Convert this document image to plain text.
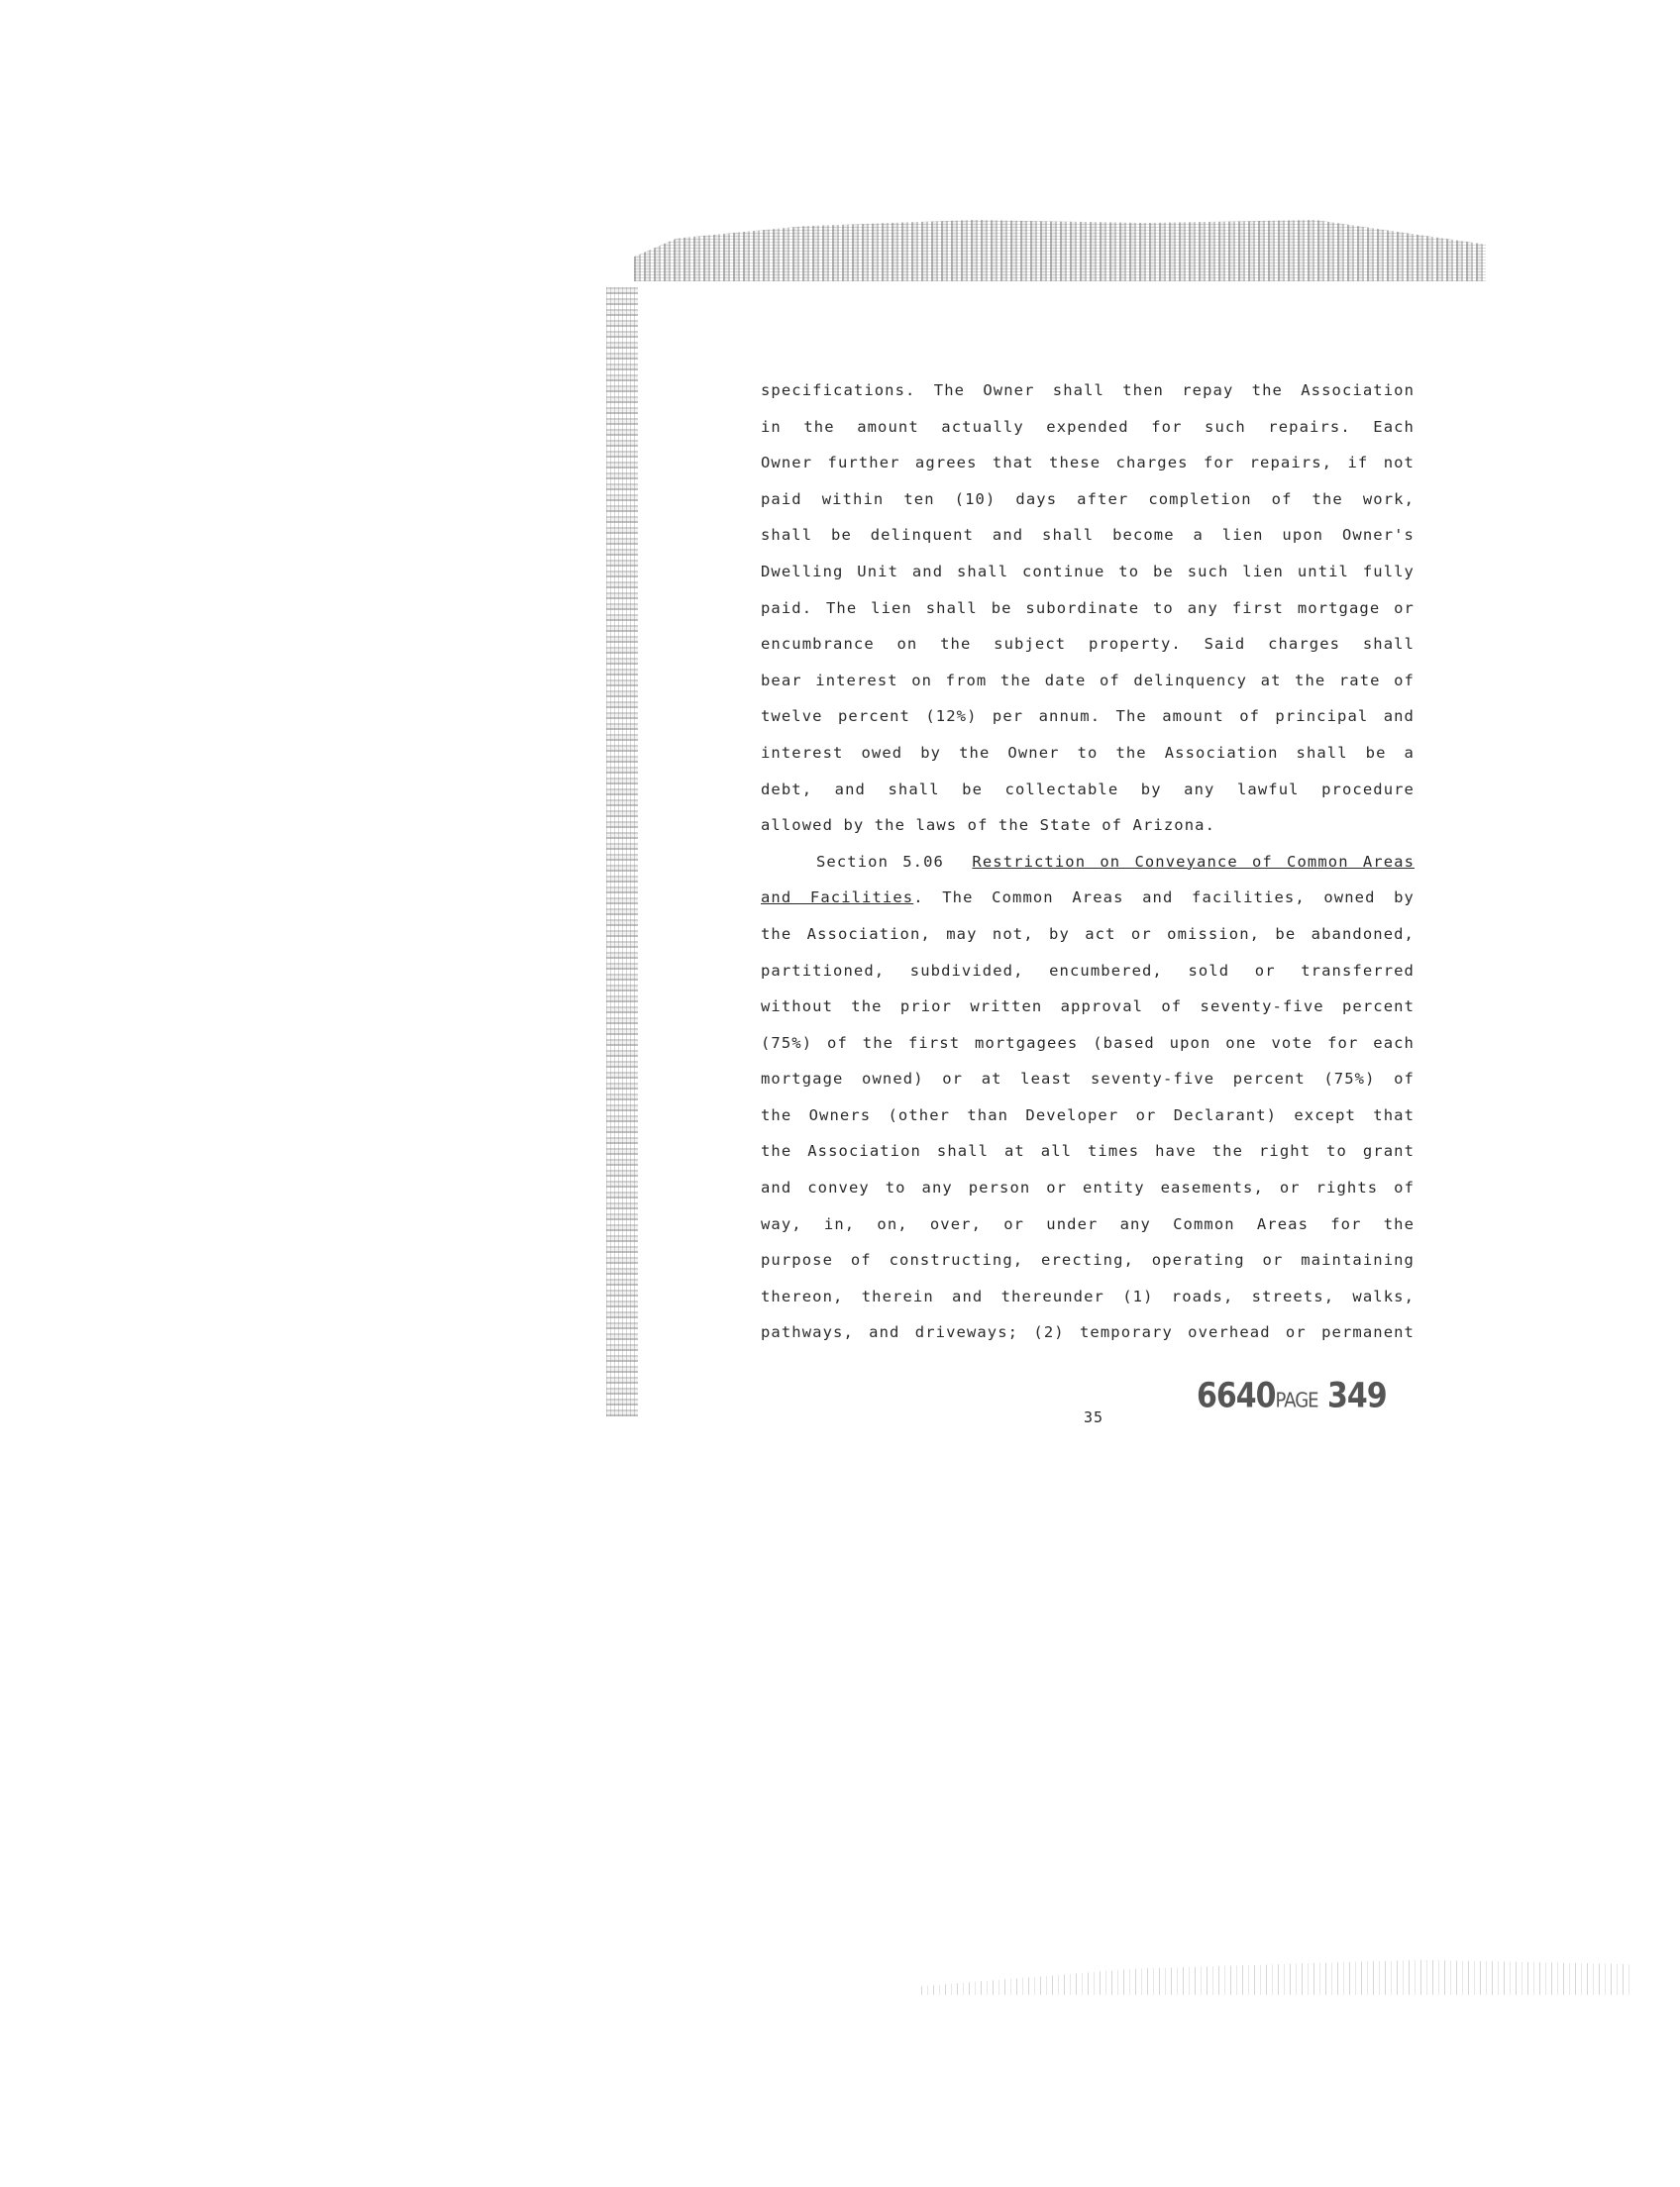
specifications. The Owner shall then repay the Association
in the amount actually expended for such repairs. Each
Owner further agrees that these charges for repairs, if not
paid within ten (10) days after completion of the work,
shall be delinquent and shall become a lien upon Owner's
Dwelling Unit and shall continue to be such lien until fully
paid. The lien shall be subordinate to any first mortgage or
encumbrance on the subject property. Said charges shall
bear interest on from the date of delinquency at the rate of
twelve percent (12%) per annum. The amount of principal and
interest owed by the Owner to the Association shall be a
debt, and shall be collectable by any lawful procedure
allowed by the laws of the State of Arizona.
Section 5.06 Restriction on Conveyance of Common Areas
and Facilities. The Common Areas and facilities, owned by
the Association, may not, by act or omission, be abandoned,
partitioned, subdivided, encumbered, sold or transferred
without the prior written approval of seventy-five percent
(75%) of the first mortgagees (based upon one vote for each
mortgage owned) or at least seventy-five percent (75%) of
the Owners (other than Developer or Declarant) except that
the Association shall at all times have the right to grant
and convey to any person or entity easements, or rights of
way, in, on, over, or under any Common Areas for the
purpose of constructing, erecting, operating or maintaining
thereon, therein and thereunder (1) roads, streets, walks,
pathways, and driveways; (2) temporary overhead or permanent
35
6640PAGE 349
